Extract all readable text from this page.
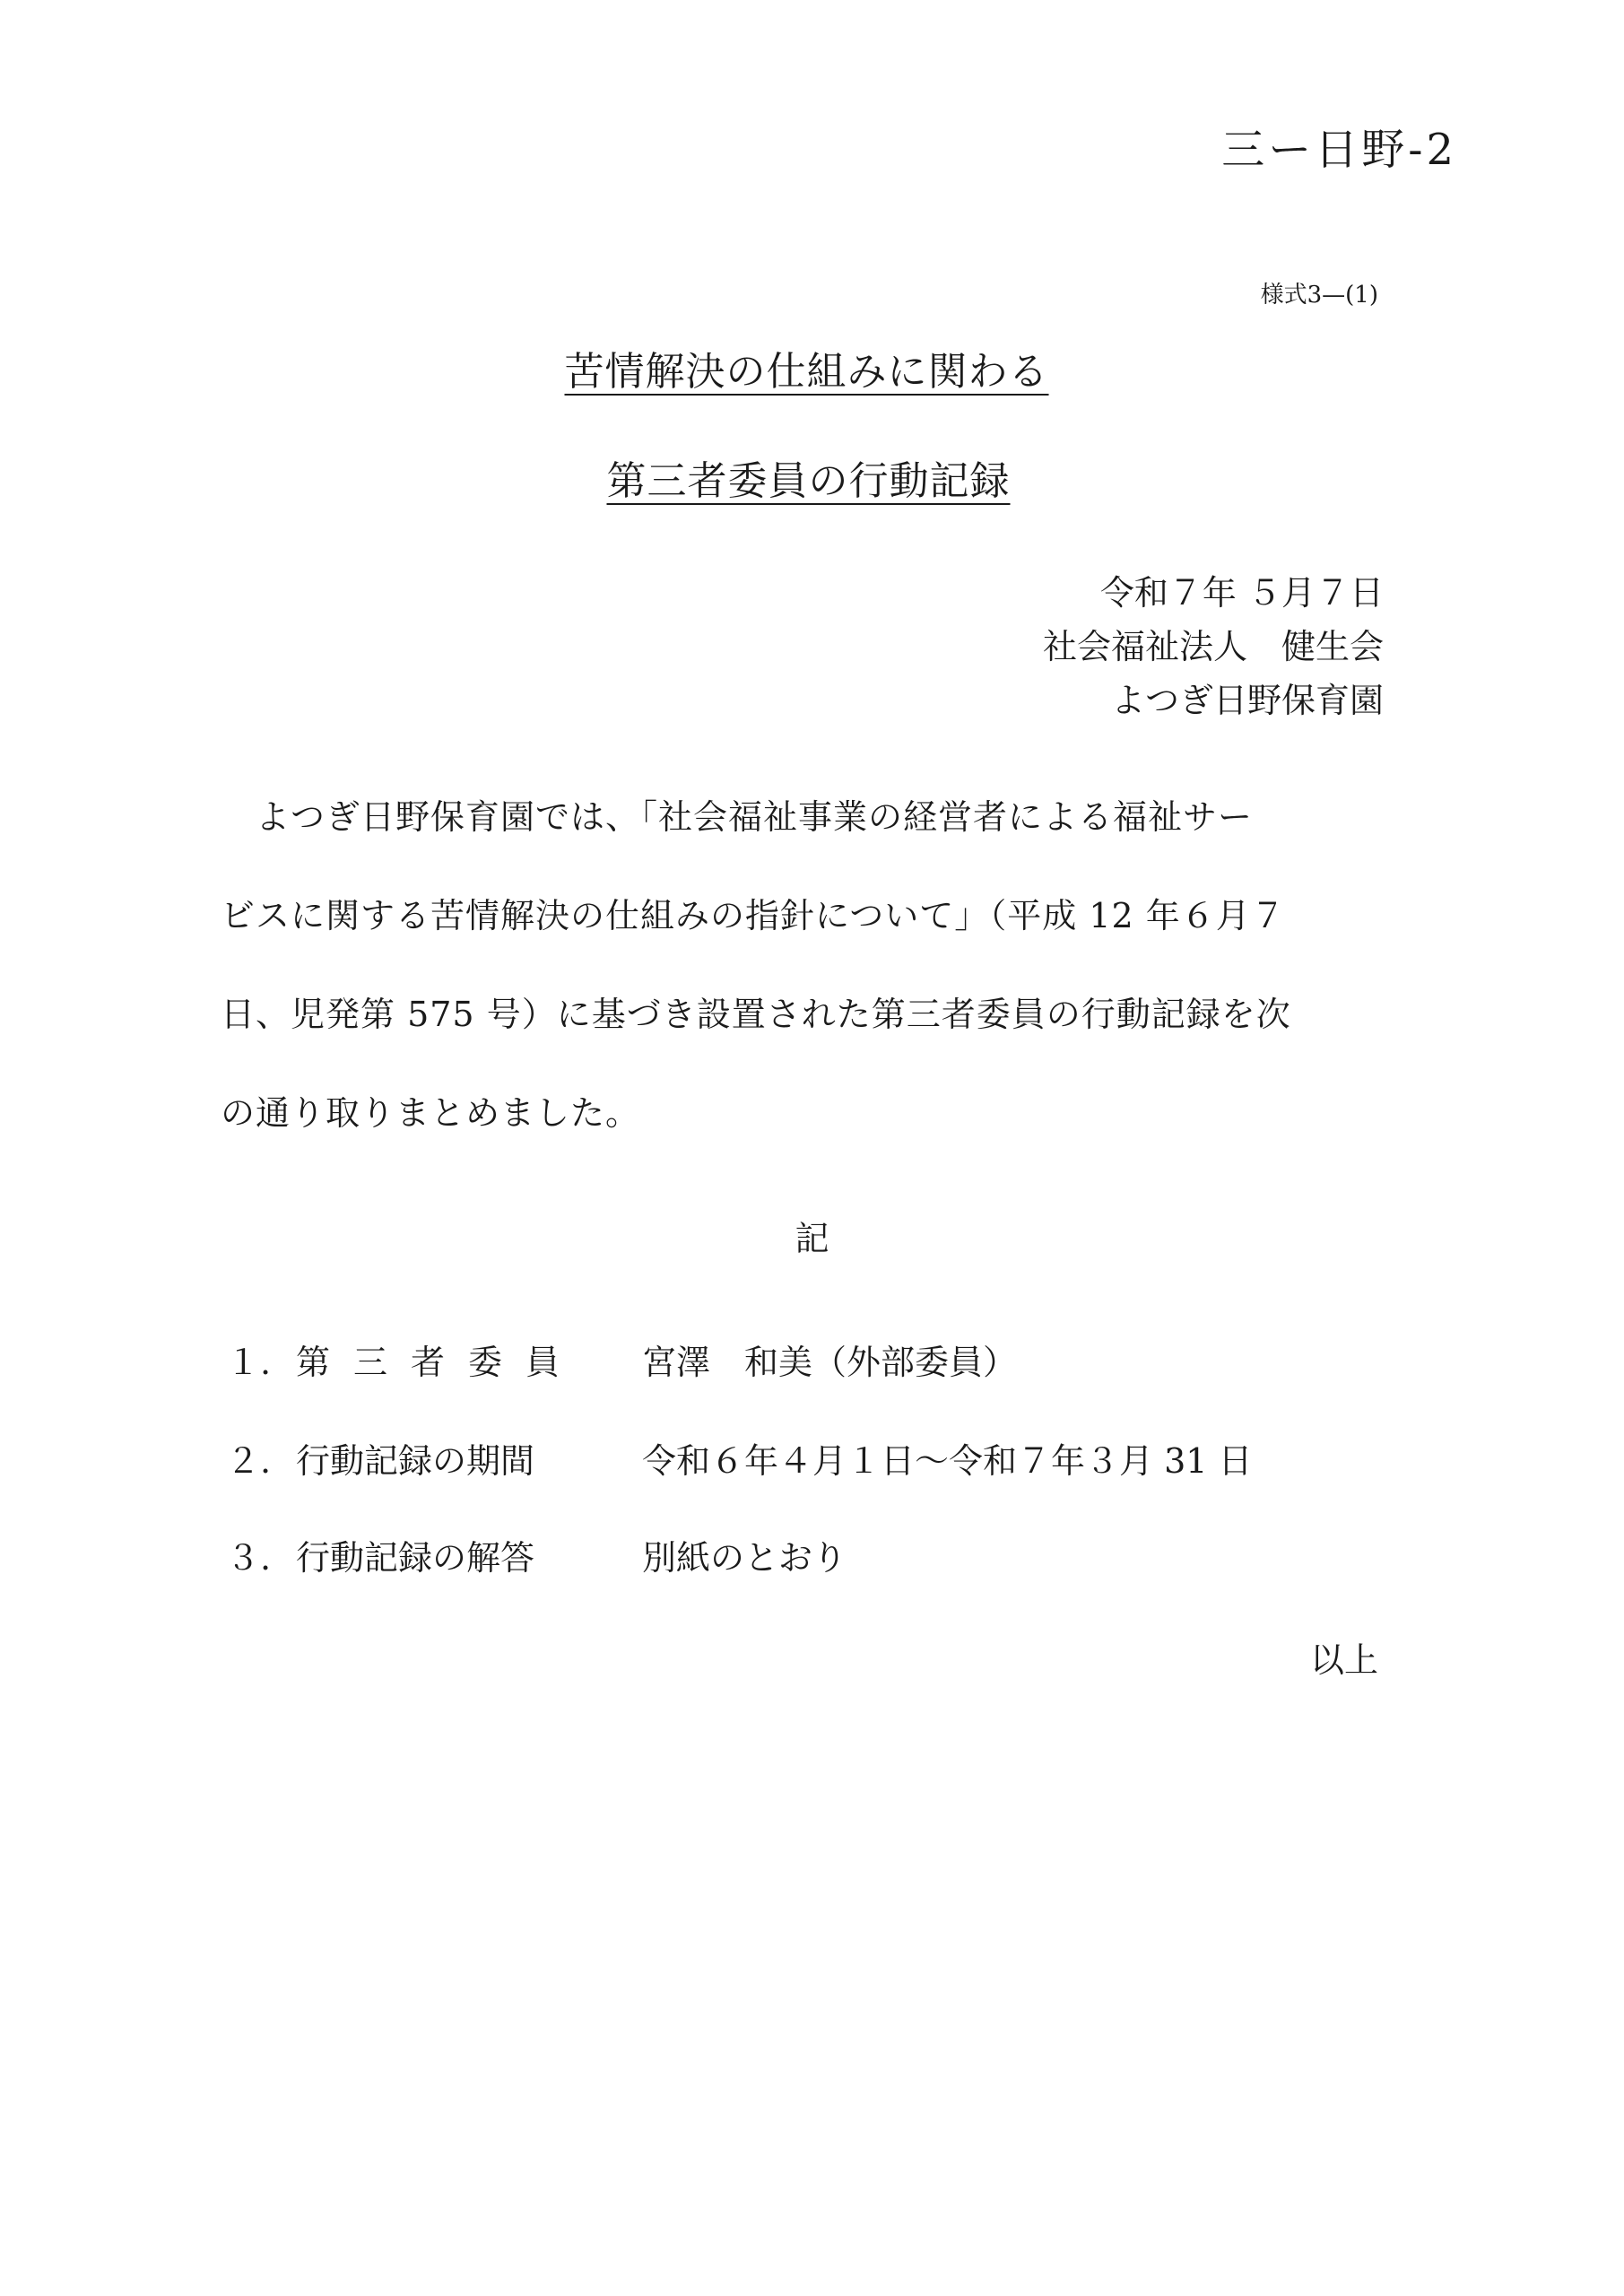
三ー日野-2
様式3—(1)
苦情解決の仕組みに関わる
第三者委員の行動記録
令和７年 ５月７日
社会福祉法人　健生会
よつぎ日野保育園
　よつぎ日野保育園では、「社会福祉事業の経営者による福祉サー
ビスに関する苦情解決の仕組みの指針について」（平成 12 年６月７
日、児発第 575 号）に基づき設置された第三者委員の行動記録を次
の通り取りまとめました。
記
１. 第三者委員 宮澤　和美（外部委員）
２. 行動記録の期間	令和６年４月１日～令和７年３月 31 日
３. 行動記録の解答	別紙のとおり
以上
